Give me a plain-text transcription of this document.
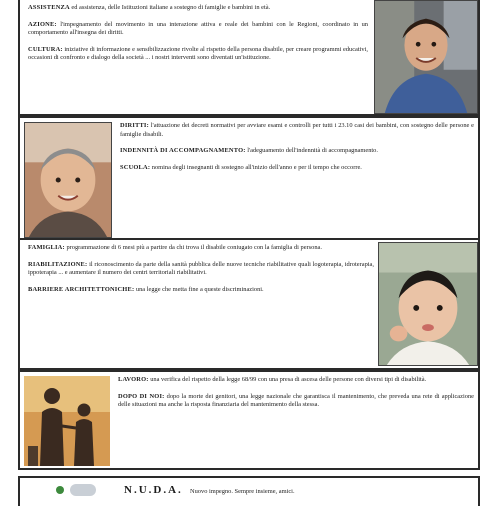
ASSISTENZA ed assistenza, delle Istituzioni italiane a sostegno di famiglie e bambini in età.

AZIONE: l'impegnamento del movimento in una interazione attiva e reale dei bambini con le Regioni, coordinato in un comportamento all'insegna dei diritti.

CULTURA: iniziative di informazione e sensibilizzazione rivolte al rispetto della persona disabile, per creare programmi educativi, occasioni di confronto e dialogo della società ... i nostri interventi sono diventati un'istituzione.

DIRITTI: l'attuazione dei decreti normativi per avviare esami e controlli per tutti i 23.10 casi dei bambini, con sostegno delle persone e famiglie disabili.

INDENNITÀ DI ACCOMPAGNAMENTO: l'adeguamento dell'indennità di accompagnamento.

SCUOLA: nomina degli insegnanti di sostegno all'inizio dell'anno e per il tempo che occorre.

FAMIGLIA: programmazione di 6 mesi più a partire da chi trova il disabile coniugato con la famiglia di persona.

RIABILITAZIONE: il riconoscimento da parte della sanità pubblica delle nuove tecniche riabilitative quali logoterapia, idroterapia, ippoterapia ... e aumentare il numero dei centri territoriali riabilitativi.

BARRIERE ARCHITETTONICHE: una legge che metta fine a queste discriminazioni.

LAVORO: una verifica del rispetto della legge 68/99 con una presa di ascesa delle persone con diversi tipi di disabilità.

DOPO DI NOI: dopo la morte dei genitori, una legge nazionale che garantisca il mantenimento, che preveda una rete di applicazione delle situazioni ma anche la risposta finanziaria del mantenimento della stessa.

N.U.D.A. Nuovo impegno. Sempre insieme, amici.
